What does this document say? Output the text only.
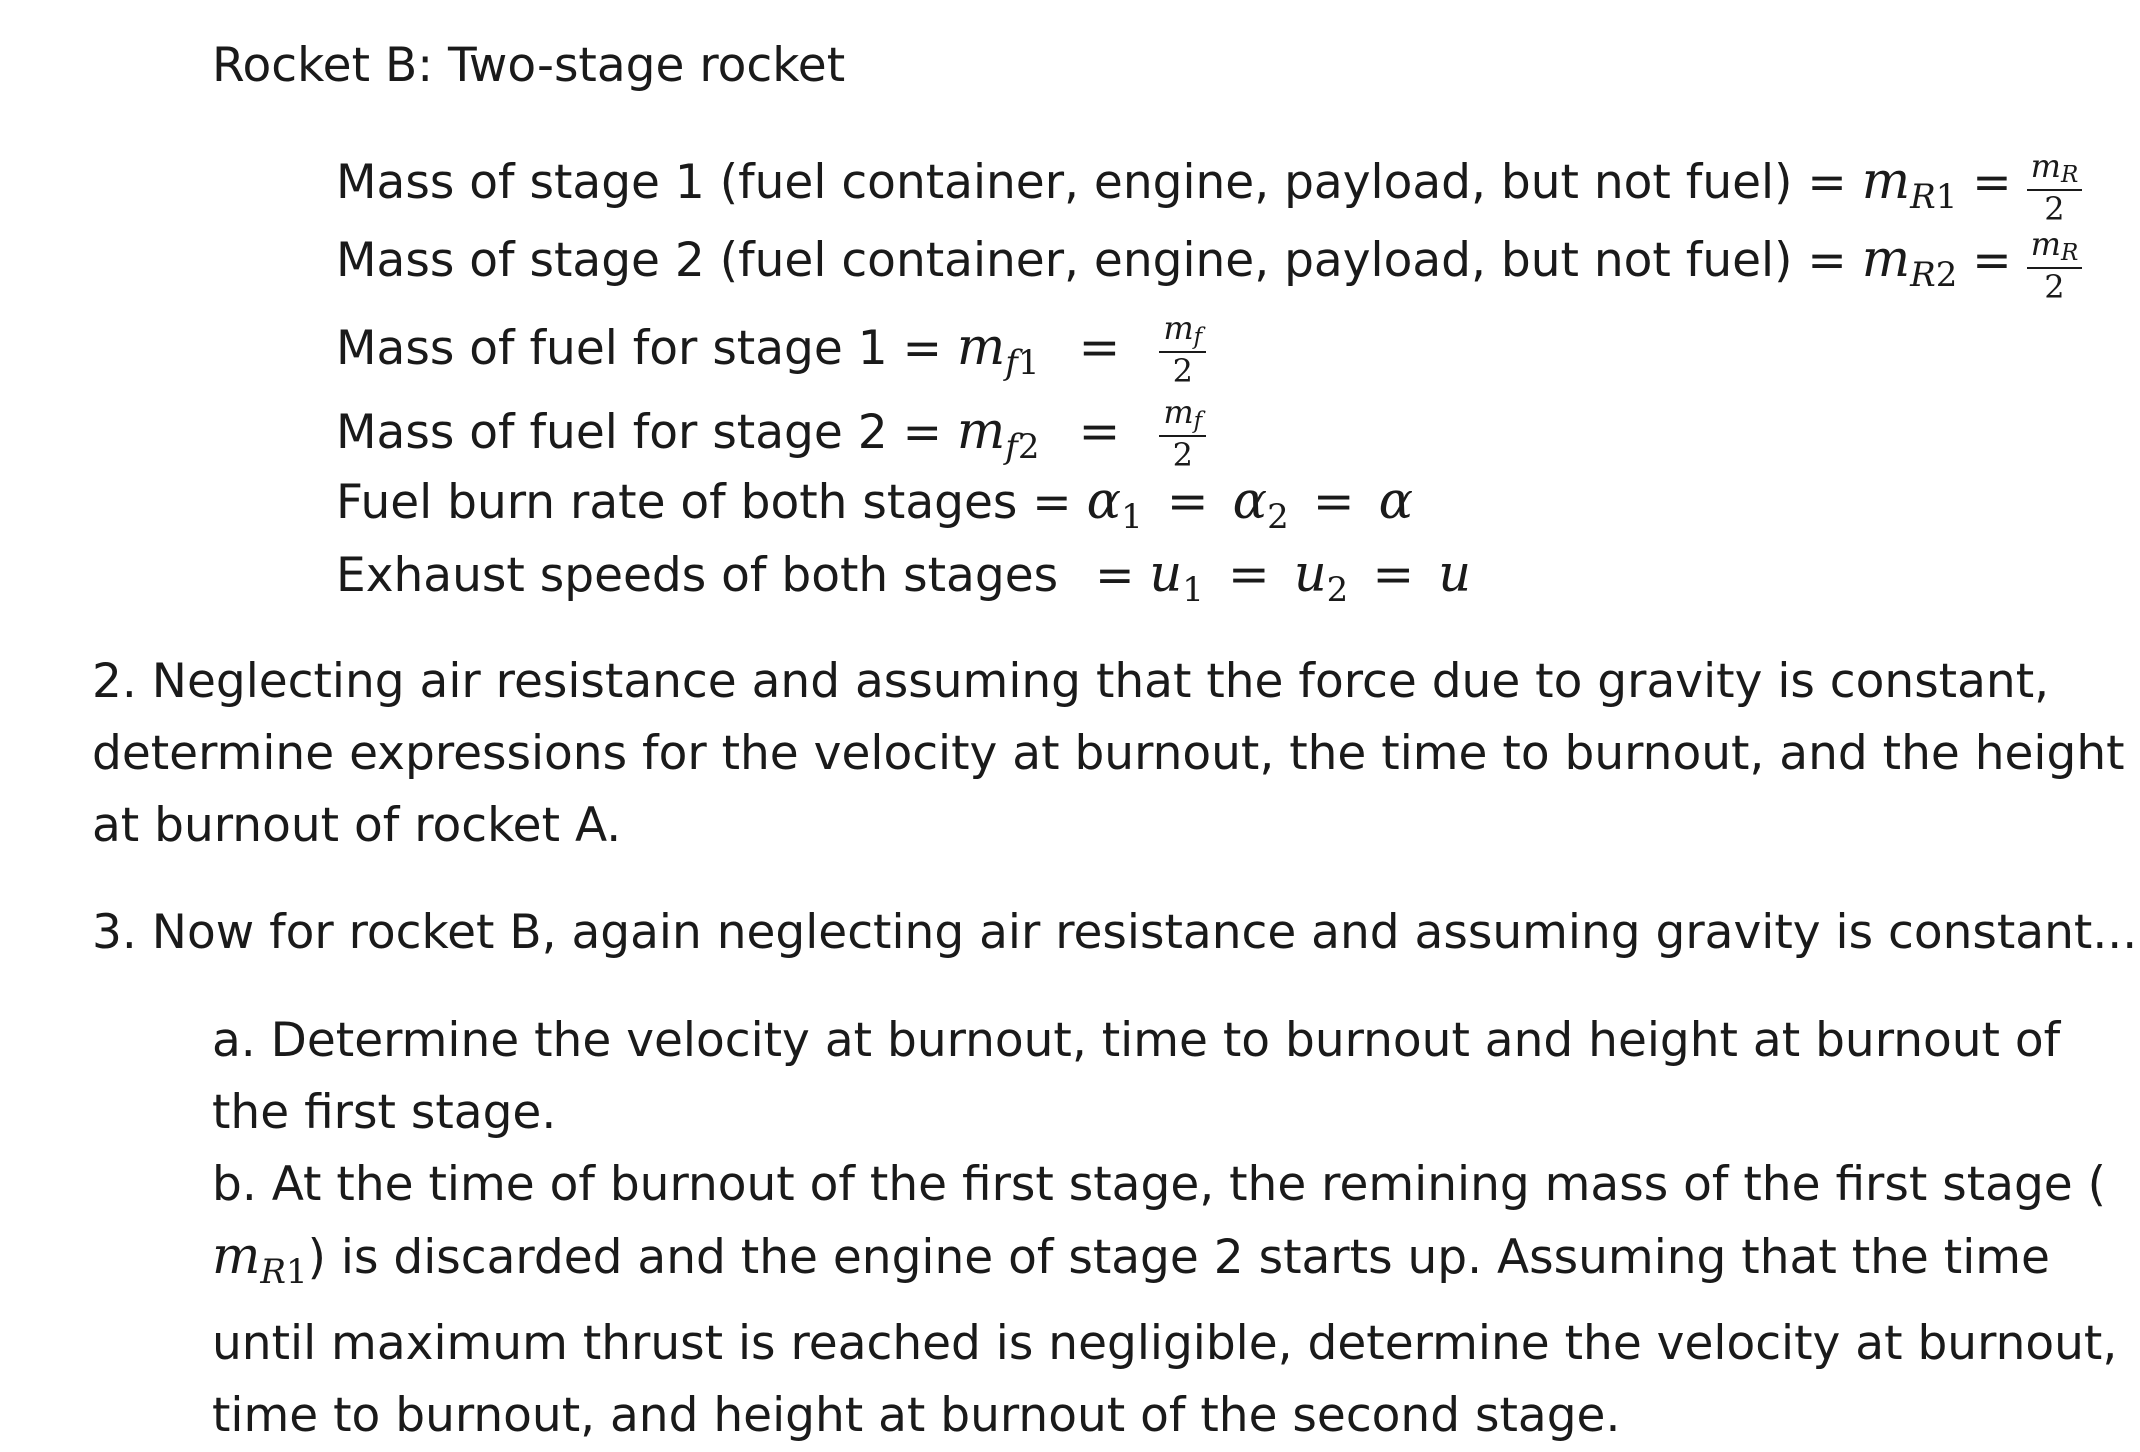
Rocket B: Two-stage rocket
Mass of stage 1 (fuel container, engine, payload, but not fuel) = $m_{R1} = \frac{mR}{2}$
Mass of stage 2 (fuel container, engine, payload, but not fuel) = $m_{R2} = \frac{mR}{2}$
Mass of fuel for stage $1 = m_{f1} = \frac{mf}{2}$
Mass of fuel for stage $2 = m_{f2} = \frac{mf}{2}$
Fuel burn rate of both stages = $\alpha_1 = \alpha_2 = \alpha$
Exhaust speeds of both stages = $u_1 = u_2 = u$
2. Neglecting air resistance and assuming that the force due to gravity is constant,
determine expressions for the velocity at burnout, the time to burnout, and the height
at burnout of rocket A.
3. Now for rocket B, again neglecting air resistance and assuming gravity is constant...
a. Determine the velocity at burnout, time to burnout and height at burnout of
the first stage.
b. At the time of burnout of the first stage, the remining mass of the first stage (
$m_{R1}$) is discarded and the engine of stage 2 starts up. Assuming that the time
until maximum thrust is reached is negligible, determine the velocity at burnout,
time to burnout, and height at burnout of the second stage.
